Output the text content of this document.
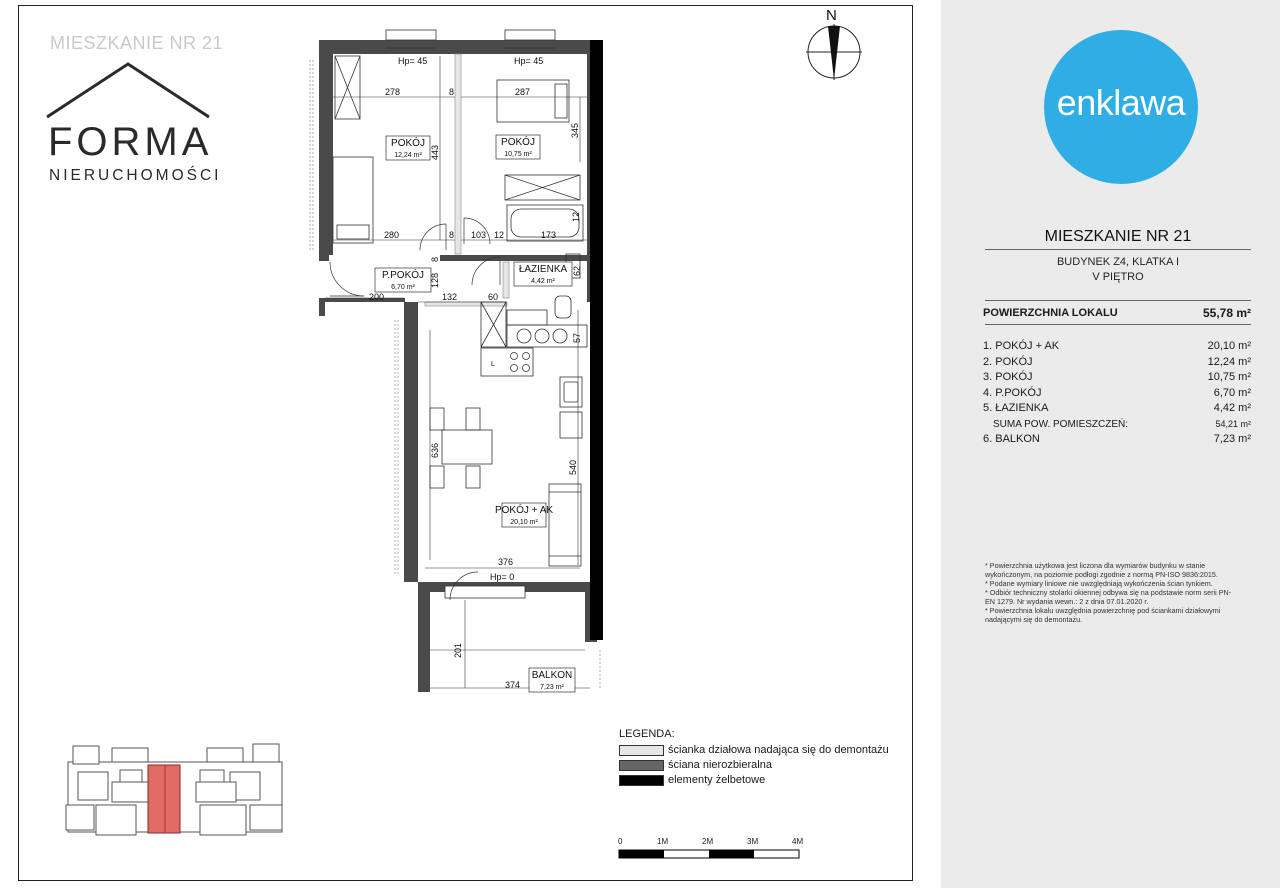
MIESZKANIE NR 21
FORMA
NIERUCHOMOŚCI
N
POKÓJ
12,24 m²
POKÓJ
10,75 m²
P.POKÓJ
6,70 m²
ŁAZIENKA
4,42 m²
POKÓJ + AK
20,10 m²
BALKON
7,23 m²
Hp= 45	Hp= 45
Hp= 0
278	8	287
443
345
280	8 103 12	173
12
8
128
62
200	132	60
57
636
540
376
201
374
L
LEGENDA:
ścianka działowa nadająca się do demontażu
ściana nierozbieralna
elementy żelbetowe
0	1M	2M	3M	4M
enklawa
MIESZKANIE NR 21
BUDYNEK Z4, KLATKA I
V PIĘTRO
POWIERZCHNIA LOKALU	55,78 m²
1. POKÓJ + AK	20,10 m²
2. POKÓJ	12,24 m²
3. POKÓJ	10,75 m²
4. P.POKÓJ	6,70 m²
5. ŁAZIENKA	4,42 m²
SUMA POW. POMIESZCZEŃ:	54,21 m²
6. BALKON	7,23 m²

* Powierzchnia użytkowa jest liczona dla wymiarów budynku w stanie wykończonym, na poziomie podłogi zgodnie z normą PN-ISO 9836:2015.

* Podane wymiary liniowe nie uwzględniają wykończenia ścian tynkiem.

* Odbiór techniczny stolarki okiennej odbywa się na podstawie norm serii PN-EN 1279. Nr wydania wewn.: 2 z dnia 07.01.2020 r.

* Powierzchnia lokalu uwzględnia powierzchnię pod ściankami działowymi nadającymi się do demontażu.
